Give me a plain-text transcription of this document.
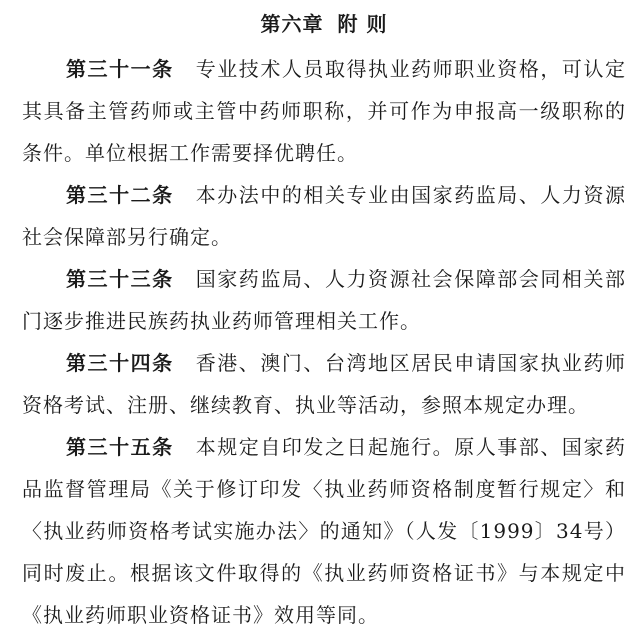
第六章 附 则

第三十一条 专业技术人员取得执业药师职业资格，可认定其具备主管药师或主管中药师职称，并可作为申报高一级职称的条件。单位根据工作需要择优聘任。

第三十二条 本办法中的相关专业由国家药监局、人力资源社会保障部另行确定。

第三十三条 国家药监局、人力资源社会保障部会同相关部门逐步推进民族药执业药师管理相关工作。

第三十四条 香港、澳门、台湾地区居民申请国家执业药师资格考试、注册、继续教育、执业等活动，参照本规定办理。

第三十五条 本规定自印发之日起施行。原人事部、国家药品监督管理局《关于修订印发〈执业药师资格制度暂行规定〉和〈执业药师资格考试实施办法〉的通知》（人发〔1999〕34号）同时废止。根据该文件取得的《执业药师资格证书》与本规定中《执业药师职业资格证书》效用等同。
